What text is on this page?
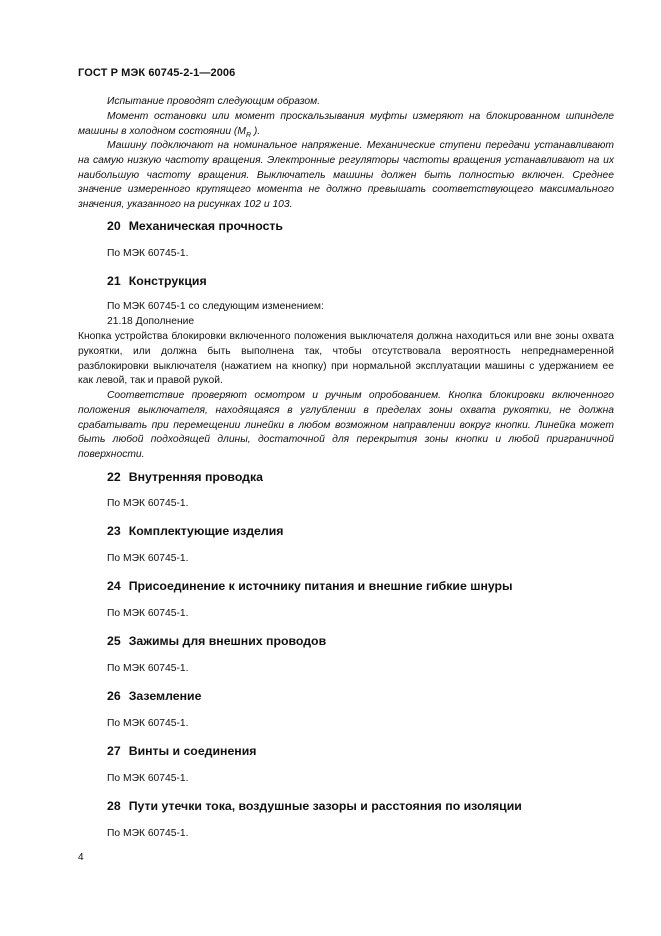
ГОСТ Р МЭК 60745-2-1—2006

Испытание проводят следующим образом.

Момент остановки или момент проскальзывания муфты измеряют на блокированном шпинделе машины в холодном состоянии ($M_R$ ).

Машину подключают на номинальное напряжение. Механические ступени передачи устанавливают на самую низкую частоту вращения. Электронные регуляторы частоты вращения устанавливают на их наибольшую частоту вращения. Выключатель машины должен быть полностью включен. Среднее значение измеренного крутящего момента не должно превышать соответствующего максимального значения, указанного на рисунках 102 и 103.

20 Механическая прочность

По МЭК 60745-1.

21 Конструкция

По МЭК 60745-1 со следующим изменением:

21.18 Дополнение

Кнопка устройства блокировки включенного положения выключателя должна находиться или вне зоны охвата рукоятки, или должна быть выполнена так, чтобы отсутствовала вероятность непреднамеренной разблокировки выключателя (нажатием на кнопку) при нормальной эксплуатации машины с удержанием ее как левой, так и правой рукой.

Соответствие проверяют осмотром и ручным опробованием. Кнопка блокировки включенного положения выключателя, находящаяся в углублении в пределах зоны охвата рукоятки, не должна срабатывать при перемещении линейки в любом возможном направлении вокруг кнопки. Линейка может быть любой подходящей длины, достаточной для перекрытия зоны кнопки и любой приграничной поверхности.

22 Внутренняя проводка

По МЭК 60745-1.

23 Комплектующие изделия

По МЭК 60745-1.

24 Присоединение к источнику питания и внешние гибкие шнуры

По МЭК 60745-1.

25 Зажимы для внешних проводов

По МЭК 60745-1.

26 Заземление

По МЭК 60745-1.

27 Винты и соединения

По МЭК 60745-1.

28 Пути утечки тока, воздушные зазоры и расстояния по изоляции

По МЭК 60745-1.

4
